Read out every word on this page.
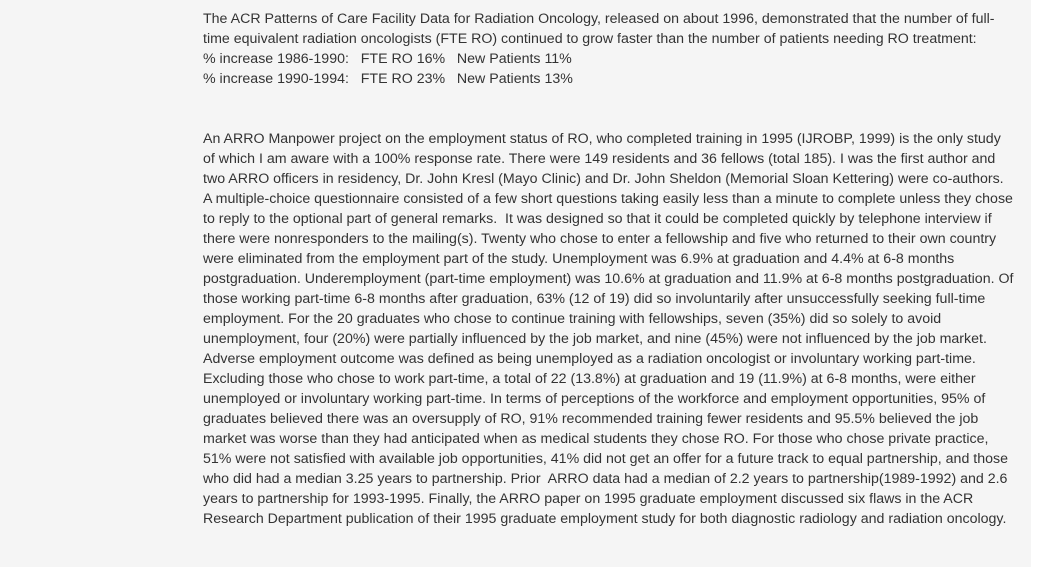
The ACR Patterns of Care Facility Data for Radiation Oncology, released on about 1996, demonstrated that the number of full-time equivalent radiation oncologists (FTE RO) continued to grow faster than the number of patients needing RO treatment:

% increase 1986-1990:   FTE RO 16%   New Patients 11%
% increase 1990-1994:   FTE RO 23%   New Patients 13%

An ARRO Manpower project on the employment status of RO, who completed training in 1995 (IJROBP, 1999) is the only study of which I am aware with a 100% response rate. There were 149 residents and 36 fellows (total 185). I was the first author and two ARRO officers in residency, Dr. John Kresl (Mayo Clinic) and Dr. John Sheldon (Memorial Sloan Kettering) were co-authors. A multiple-choice questionnaire consisted of a few short questions taking easily less than a minute to complete unless they chose to reply to the optional part of general remarks.  It was designed so that it could be completed quickly by telephone interview if there were nonresponders to the mailing(s). Twenty who chose to enter a fellowship and five who returned to their own country were eliminated from the employment part of the study. Unemployment was 6.9% at graduation and 4.4% at 6-8 months postgraduation. Underemployment (part-time employment) was 10.6% at graduation and 11.9% at 6-8 months postgraduation. Of those working part-time 6-8 months after graduation, 63% (12 of 19) did so involuntarily after unsuccessfully seeking full-time employment. For the 20 graduates who chose to continue training with fellowships, seven (35%) did so solely to avoid unemployment, four (20%) were partially influenced by the job market, and nine (45%) were not influenced by the job market. Adverse employment outcome was defined as being unemployed as a radiation oncologist or involuntary working part-time. Excluding those who chose to work part-time, a total of 22 (13.8%) at graduation and 19 (11.9%) at 6-8 months, were either unemployed or involuntary working part-time. In terms of perceptions of the workforce and employment opportunities, 95% of graduates believed there was an oversupply of RO, 91% recommended training fewer residents and 95.5% believed the job market was worse than they had anticipated when as medical students they chose RO. For those who chose private practice, 51% were not satisfied with available job opportunities, 41% did not get an offer for a future track to equal partnership, and those who did had a median 3.25 years to partnership. Prior  ARRO data had a median of 2.2 years to partnership(1989-1992) and 2.6 years to partnership for 1993-1995. Finally, the ARRO paper on 1995 graduate employment discussed six flaws in the ACR Research Department publication of their 1995 graduate employment study for both diagnostic radiology and radiation oncology.
